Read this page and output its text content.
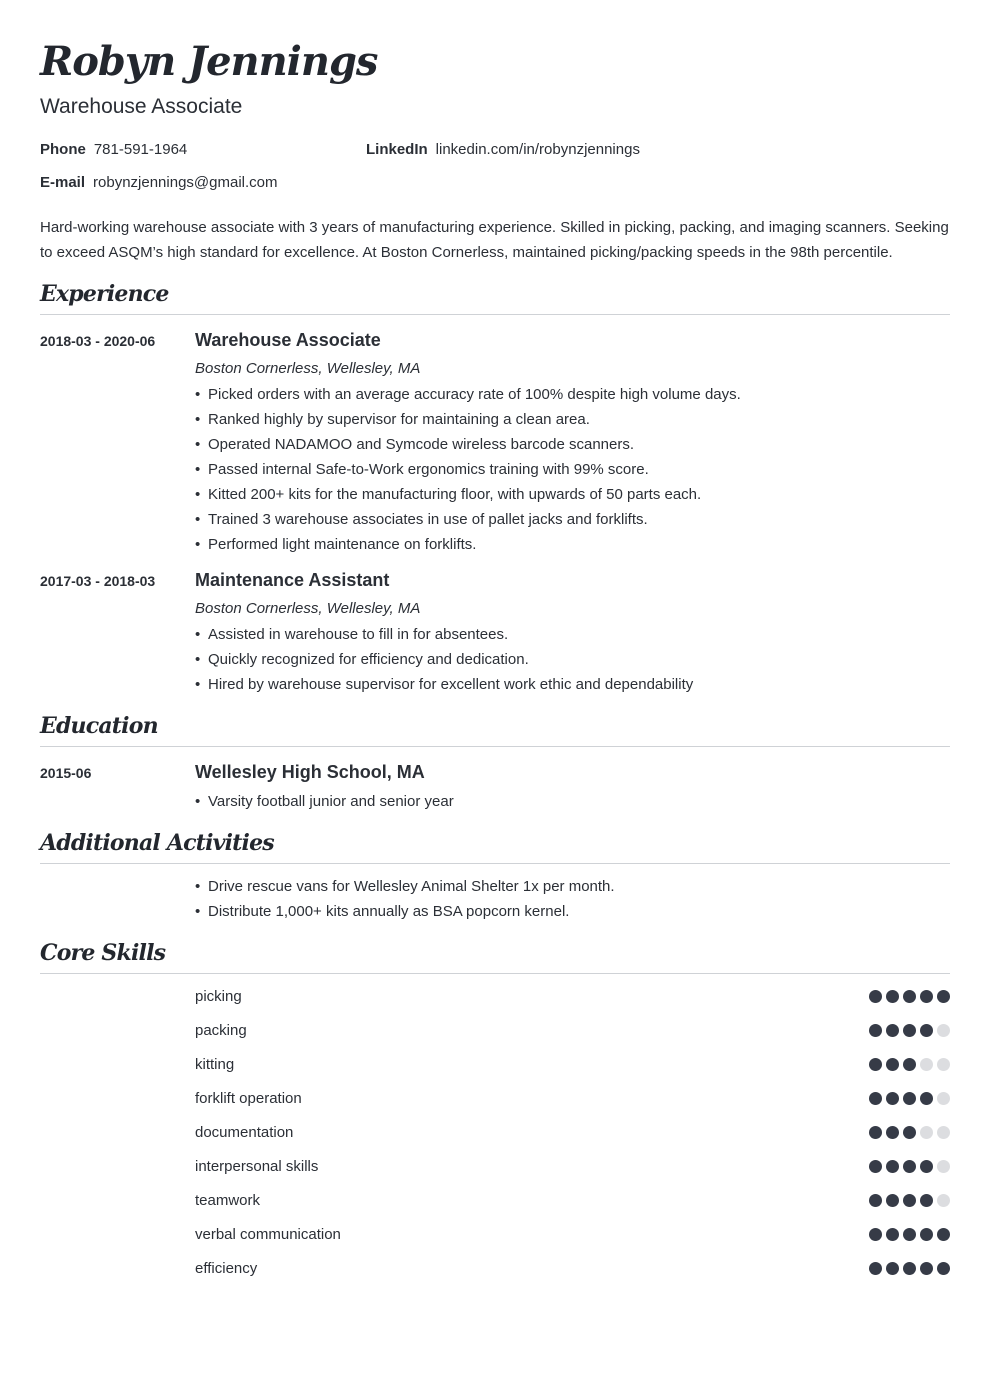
Robyn Jennings
Warehouse Associate
Phone 781-591-1964	LinkedIn linkedin.com/in/robynzjennings
E-mail robynzjennings@gmail.com

Hard-working warehouse associate with 3 years of manufacturing experience. Skilled in picking, packing, and imaging scanners. Seeking to exceed ASQM’s high standard for excellence. At Boston Cornerless, maintained picking/packing speeds in the 98th percentile.

Experience
2018-03 - 2020-06 Warehouse Associate
Boston Cornerless, Wellesley, MA
• Picked orders with an average accuracy rate of 100% despite high volume days.
• Ranked highly by supervisor for maintaining a clean area.
• Operated NADAMOO and Symcode wireless barcode scanners.
• Passed internal Safe-to-Work ergonomics training with 99% score.
• Kitted 200+ kits for the manufacturing floor, with upwards of 50 parts each.
• Trained 3 warehouse associates in use of pallet jacks and forklifts.
• Performed light maintenance on forklifts.
2017-03 - 2018-03 Maintenance Assistant
Boston Cornerless, Wellesley, MA
• Assisted in warehouse to fill in for absentees.
• Quickly recognized for efficiency and dedication.
• Hired by warehouse supervisor for excellent work ethic and dependability
Education
2015-06	Wellesley High School, MA
• Varsity football junior and senior year
Additional Activities
• Drive rescue vans for Wellesley Animal Shelter 1x per month.
• Distribute 1,000+ kits annually as BSA popcorn kernel.
Core Skills
picking
packing
kitting
forklift operation
documentation
interpersonal skills
teamwork
verbal communication
efficiency
